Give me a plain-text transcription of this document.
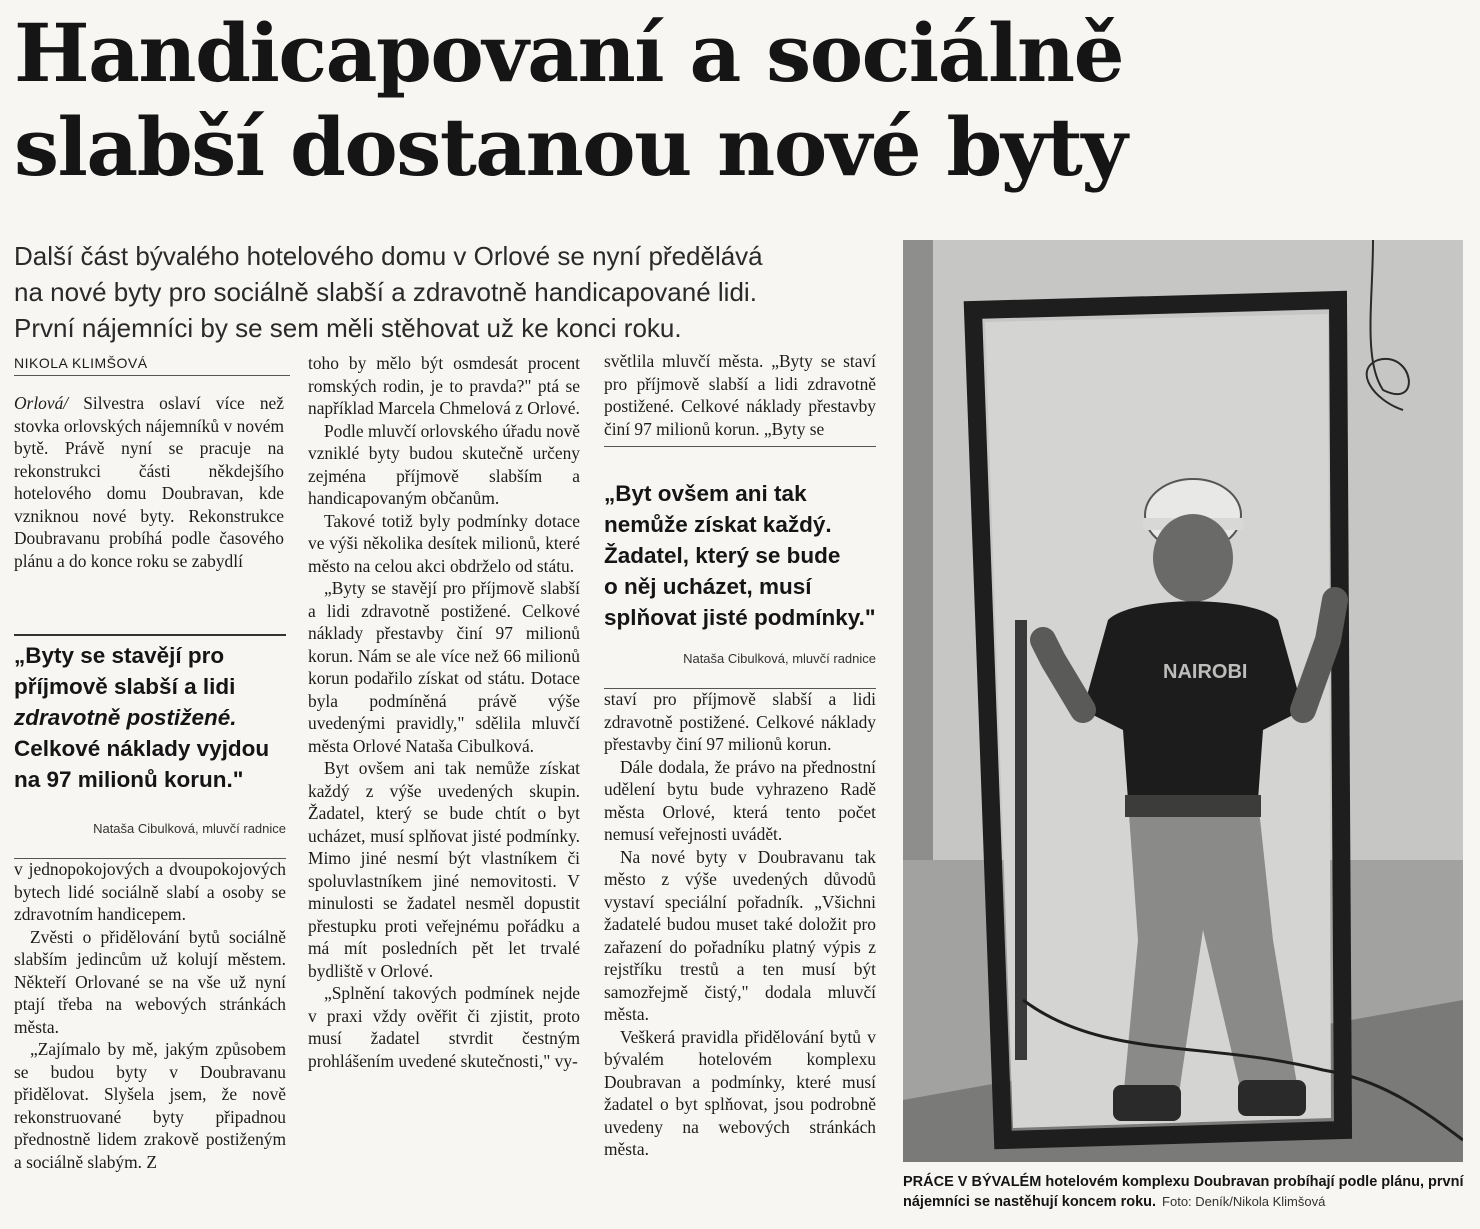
Handicapovaní a sociálně
slabší dostanou nové byty
Další část bývalého hotelového domu v Orlové se nyní předělává
na nové byty pro sociálně slabší a zdravotně handicapované lidi.
První nájemníci by se sem měli stěhovat už ke konci roku.
NIKOLA KLIMŠOVÁ

Orlová/ Silvestra oslaví více než stovka orlovských nájemníků v novém bytě. Právě nyní se pracuje na rekonstrukci části někdejšího hotelového domu Doubravan, kde vzniknou nové byty. Rekonstrukce Doubravanu probíhá podle časového plánu a do konce roku se zabydlí

„Byty se stavějí pro
příjmově slabší a lidi
zdravotně postižené.
Celkové náklady vyjdou
na 97 milionů korun."
Nataša Cibulková, mluvčí radnice

v jednopokojových a dvoupokojových bytech lidé sociálně slabí a osoby se zdravotním handicepem.

Zvěsti o přidělování bytů sociálně slabším jedincům už kolují městem. Někteří Orlované se na vše už nyní ptají třeba na webových stránkách města.

„Zajímalo by mě, jakým způsobem se budou byty v Doubravanu přidělovat. Slyšela jsem, že nově rekonstruované byty připadnou přednostně lidem zrakově postiženým a sociálně slabým. Z

toho by mělo být osmdesát procent romských rodin, je to pravda?" ptá se například Marcela Chmelová z Orlové.

Podle mluvčí orlovského úřadu nově vzniklé byty budou skutečně určeny zejména příjmově slabším a handicapovaným občanům.

Takové totiž byly podmínky dotace ve výši několika desítek milionů, které město na celou akci obdrželo od státu.

„Byty se stavějí pro příjmově slabší a lidi zdravotně postižené. Celkové náklady přestavby činí 97 milionů korun. Nám se ale více než 66 milionů korun podařilo získat od státu. Dotace byla podmíněná právě výše uvedenými pravidly," sdělila mluvčí města Orlové Nataša Cibulková.

Byt ovšem ani tak nemůže získat každý z výše uvedených skupin. Žadatel, který se bude chtít o byt ucházet, musí splňovat jisté podmínky. Mimo jiné nesmí být vlastníkem či spoluvlastníkem jiné nemovitosti. V minulosti se žadatel nesměl dopustit přestupku proti veřejnému pořádku a má mít posledních pět let trvalé bydliště v Orlové.

„Splnění takových podmínek nejde v praxi vždy ověřit či zjistit, proto musí žadatel stvrdit čestným prohlášením uvedené skutečnosti," vy-

světlila mluvčí města. „Byty se staví pro příjmově slabší a lidi zdravotně postižené. Celkové náklady přestavby činí 97 milionů korun. „Byty se

„Byt ovšem ani tak
nemůže získat každý.
Žadatel, který se bude
o něj ucházet, musí
splňovat jisté podmínky."
Nataša Cibulková, mluvčí radnice

staví pro příjmově slabší a lidi zdravotně postižené. Celkové náklady přestavby činí 97 milionů korun.

Dále dodala, že právo na přednostní udělení bytu bude vyhrazeno Radě města Orlové, která tento počet nemusí veřejnosti uvádět.

Na nové byty v Doubravanu tak město z výše uvedených důvodů vystaví speciální pořadník. „Všichni žadatelé budou muset také doložit pro zařazení do pořadníku platný výpis z rejstříku trestů a ten musí být samozřejmě čistý," dodala mluvčí města.

Veškerá pravidla přidělování bytů v bývalém hotelovém komplexu Doubravan a podmínky, které musí žadatel o byt splňovat, jsou podrobně uvedeny na webových stránkách města.

NAIROBI
PRÁCE V BÝVALÉM hotelovém komplexu Doubravan probíhají podle plánu, první nájemníci se nastěhují koncem roku. Foto: Deník/Nikola Klimšová
